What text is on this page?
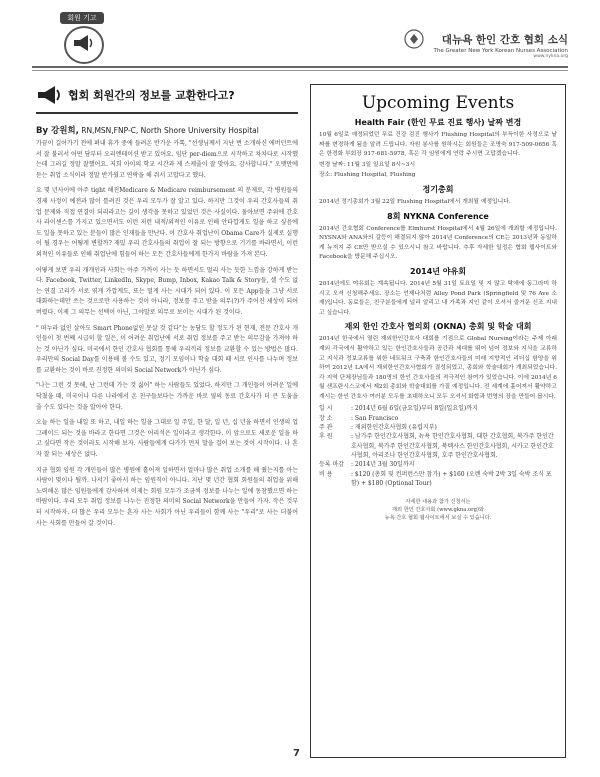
회원 기고
대뉴욕 한인 간호 협회 소식
The Greater New York Korean Nurses Association
www.nykna.org
협회 회원간의 정보를 교환한다고?
By 강원희, RN,MSN,FNP-C, North Shore University Hospital

가끔이 길어가기 전에 펴내 휴가 중에 들려온 반가운 카톡, "선생님께서 지난 번 소개하신 에버던트에서 잘 불러서 어떤 담부터 오리엔테이션 받고 있어요. 임단 per-diem으로 시작하고 차차다로 시작했는데 그러길 정말 잘했어요. 저희 아이의 학교 시간과 제 스케줄이 잘 맞아요. 감사합니다." 오랫만에 듣는 취업 소식이라 정말 반가웠고 연락을 해 줘서 고맙다고 했다.

요 몇 년사이에 아주 tight 해진Medicare & Medicare reimbursement 의 문제로, 각 병원들의 경제 사정이 예전과 많이 틀려진 것은 우리 모두가 잘 알고 있다. 하지만 그것이 우리 간호사들의 취업 문제와 직접 연결이 되리라고는 깊이 생각을 못하고 있었던 것은 사실이다. 돌아보면 주위에 간호사 라이센스를 가지고 있으면서도 이런 저런 내적/외적인 이유로 인해 안타깝게도 일을 하고 싶음에도 일을 못하고 있는 분들이 많은 인재들을 만난다. 이 간호사 취업난이 Obama Care가 실제로 실행이 될 경우는 어떻게 변할까? 재밌 우리 간호사들의 취업이 잘 되는 방향으로 기기를 바라면서, 이런 외적인 이유들로 인해 취업난에 힘들어 하는 모든 간호사들에게 한가지 바람을 가져 본다.

어떻게 보면 우리 개개인과 사회는 아주 가까이 사는 듯 하면서도 멀리 사는 듯한 느낌을 강하게 받는다. Facebook, Twitter, LinkedIn, Skype, Bump, Inbox, Kakao Talk & Story들, 셀 수도 없는 연결 고리가 서로 엮게 가깝게도, 또는 멀게 사는 시대가 되어 있다. 이 모든 App들을 그냥 서로 대화하는데만 쓰는 것으로만 사용하는 것이 아니라, 정보를 주고 받을 의무(?)가 주어진 세상이 되어 버렸다. 이제 그 의무는 선택이 아닌, 그야말로 의무로 보이는 시대가 된 것이다.

" 떠누라 없인 살아도 Smart Phone없인 못살 것 같다"는 농담도 할 정도가 된 현재, 전문 간호사 개인들이 첫 번째 시급히 할 일은, 이 어려운 취업난에 서로 취업 정보를 주고 받는 의무감을 가져야 하는 것 아닌가 싶다. 미국에서 한인 간호사 협회를 통해 우리끼리 정보를 교환할 수 있는 방법은 많다. 우리만의 Social Day를 이용해 볼 수도 있고, 정기 모임이나 학술 대회 때 서로 인사를 나누며 정보를 교환하는 것이 바로 진정한 의미의 Social Network가 아닌가 싶다.

"나는 그런 것 못해, 난 그런데 가는 것 싫어" 하는 사람들도 있었다. 하지만 그 개인들이 어려운 일에 닥쳤을 때, 미국이나 다른 나라에서 온 친구들보다는 가까운 바로 옆의 동료 간호사가 더 큰 도움을 줄 수도 있다는 것을 알아야 한다.

오늘 하는 일을 내일 또 하고, 내일 하는 일을 그대로 일 주일, 한 달, 일 년, 십 년을 하면서 인생의 업그레이드 되는 것을 바라고 한다면 그것은 어리석은 일이라고 생각한다. 이 앞으로도 새로운 일을 하고 싶다면 작은 것이라도 시작해 보자. 사람들에게 다가가 먼저 말을 걸어 보는 것이 시작이다. 나 혼자 잘 되는 세상은 없다.

지금 협회 임원 각 개인들이 많은 병원에 흩어져 일하면서 얼마나 많은 취업 소개를 해 줬는지를 아는 사람이 몇이나 될까. 나서기 좋아서 하는 임원직이 아니다. 지난 몇 년간 협회 회원들의 취업을 위해 노력해온 많은 임원들에게 감사하며 이제는 회원 모두가 조금씩 정보를 나누는 일에 동참했으면 하는 바람이다. 우리 모두 취업 정보를 나누는 진정한 의미의 Social Network을 만들어 가자. 작은 것부터 시작하자. 더 많은 우리 모두는 혼자 사는 사회가 아닌 우리들이 함께 사는 "우리"로 사는 더불어 사는 사회를 만들어 갈 것이다.

Upcoming Events
Health Fair (한인 무료 진료 행사) 날짜 변경

10월 6일로 예정되었던 무료 건강 검진 행사가 Flushing Hospital의 부득이한 사정으로 날짜를 변경하게 됨을 알려 드립니다. 자원 봉사를 원하시는 회원들은 조명숙 917-509-0656 혹은 한경화 부회장 917-681-5978, 혹은 각 임원에게 연락 주시면 고맙겠습니다.

변경 날짜: 11월 3일 일요일 8시~3시

장소: Flushing Hospital, Flushing

정기총회
2014년 정기총회가 3월 22일 Flushing Hospital에서 개최될 예정입니다.
8회 NYKNA Conference
2014년 간호협회 Conference를 Elmhurst Hospital에서 4월 26일에 개최할 예정입니다. NYSNA와 ANA와의 갈등이 해결되지 않아 2014년 Conference의 CE는 2013년과 동일하게 뉴저지 주 CE만 받으실 수 있으시니 참고 바랍니다. 추후 자세한 일정은 협회 웹사이트와 Facebook을 방문해 주십시오.
2014년 야유회
2014년에도 야유회는 계속됩니다. 2014년 5월 31일 토요일 및 지 많고 탁애에 동그라미 하시고 오셔 신청해주세요. 장소는 언제나처럼 Alley Pond Park (Springfield 및 76 Ave 소재)입니다. 동료들은, 친구분들에게 널리 알리고 내 가족과 지인 같이 오셔서 즐거운 신조 지내고 싶습니다.
재외 한인 간호사 협의회 (OKNA) 총회 및 학술 대회
2014년 한국에서 열린 재외한인간호사 대회를 기점으로 Global Nursing이라는 주제 아래 재외 각국에서 활약하고 있는 한인간호사들과 공간과 세대를 뛰어 넘어 정보와 지식을 교류하고 지식과 정보교류를 위한 네트워크 구축과 한인간호사들의 미래 지향적인 리더십 함양을 위하여 2012년 LA에서 재외한인간호사협회가 결성되었고, 총회와 학술대회가 개최되었습니다. 각 지역 단체장님들과 180명의 한인 간호사들의 적극적인 참여가 있었습니다. 이에 2014년 6월 샌프란시스코에서 제2회 총회와 학술대회를 가질 예정입니다. 전 세계에 흩어져서 활약하고 계시는 한인 간호사 여러분 모두를 초대하오니 모두 오셔서 화합과 번영의 장을 만들어 봅시다.
일 시	: 2014년 6월 6일(금요일)부터 8일(일요일)까지
장 소	: San Francisco
주 관	: 재외한인간호사협회 (유럽지부)
후 원	: 남가주 한인간호사협회, 뉴욕 한인간호사협회, 대한 간호협회, 북가주 한인간호사협회, 북가주 한인간호사협회, 북텍사스 한인간호사협회, 시카고 한인간호사협회, 아리조나 한인간호사협회, 호주 한인간호사협회.
등록 마감	: 2014년 3월 30일까지
비 용	: $120 (총회 및 컨퍼런스만 참가) + $160 (오렌 숙박 2박 3일 숙박 조식 포함) + $180 (Optional Tour)
자세한 내용과 참가 신청서는
재외 한인 간호사회 (www.gkna.org)와
뉴욕 간호 협회 웹사이트에서 보실 수 있습니다.
7
